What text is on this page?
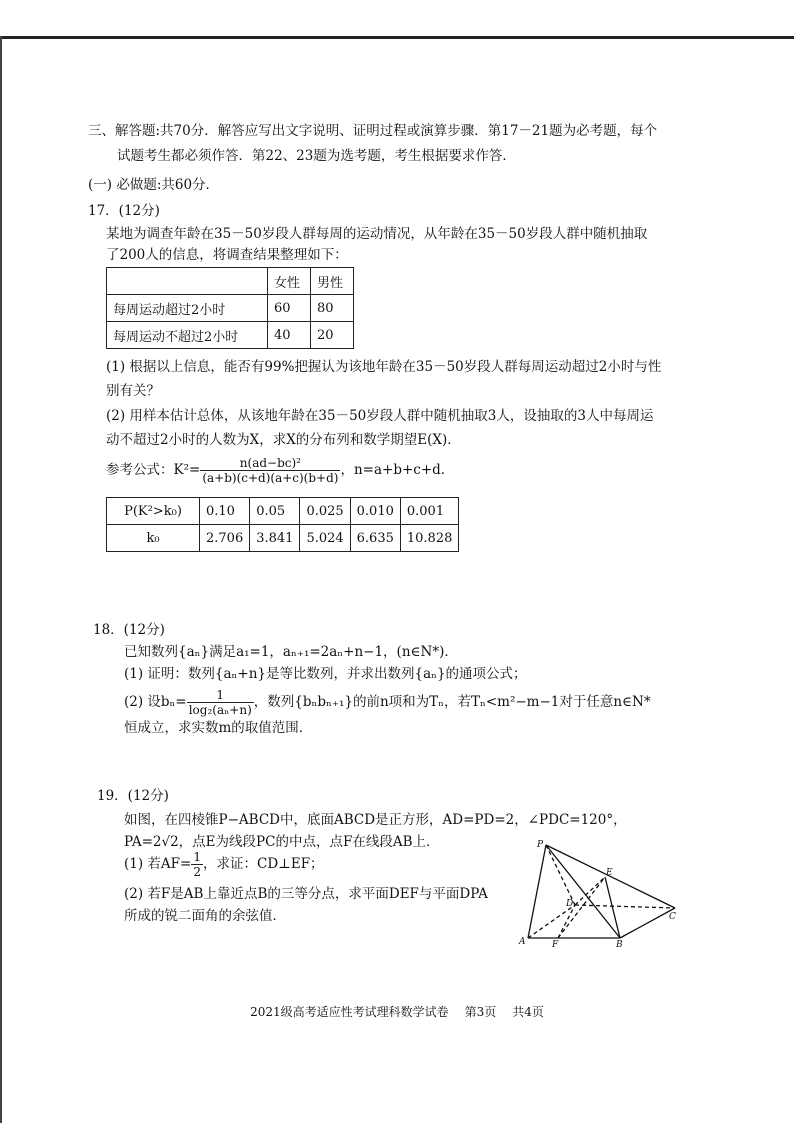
三、解答题:共70分．解答应写出文字说明、证明过程或演算步骤．第17－21题为必考题，每个
试题考生都必须作答．第22、23题为选考题，考生根据要求作答．
(一) 必做题:共60分．
17．(12分)
某地为调查年龄在35－50岁段人群每周的运动情况，从年龄在35－50岁段人群中随机抽取
了200人的信息，将调查结果整理如下：
	女性	男性
每周运动超过2小时	60	80
每周运动不超过2小时	40	20
(1) 根据以上信息，能否有99%把握认为该地年龄在35－50岁段人群每周运动超过2小时与性
别有关？
(2) 用样本估计总体，从该地年龄在35－50岁段人群中随机抽取3人，设抽取的3人中每周运
动不超过2小时的人数为X，求X的分布列和数学期望E(X)．
参考公式：$K^2= \frac{\text{n(ad−bc)²}}{(a+b)(c+d)(a+c)(b+d)}$ ，n=a+b+c+d．
P(K²>k₀)	0.10	0.05	0.025	0.010	0.001
k₀	2.706	3.841	5.024	6.635	10.828
18．(12分)
已知数列{aₙ}满足a₁=1，aₙ₊₁=2aₙ+n−1，(n∈N*)．
(1) 证明：数列{aₙ+n}是等比数列，并求出数列{aₙ}的通项公式；
(2) 设$b_n= \frac{1}{\text{log₂(aₙ+n)}}$ ，数列{bₙbₙ₊₁}的前n项和为Tₙ，若Tₙ<m²−m−1对于任意n∈N*
恒成立，求实数m的取值范围．
19．(12分)
如图，在四棱锥P−ABCD中，底面ABCD是正方形，AD=PD=2，∠PDC=120°，
PA=2√2，点E为线段PC的中点，点F在线段AB上．
(1) 若$AF= \frac{1}{2}$ ，求证：CD⊥EF；
(2) 若F是AB上靠近点B的三等分点，求平面DEF与平面DPA
所成的锐二面角的余弦值．
P
A	F	B
C
D
E
2021级高考适应性考试理科数学试卷 第3页 共4页
